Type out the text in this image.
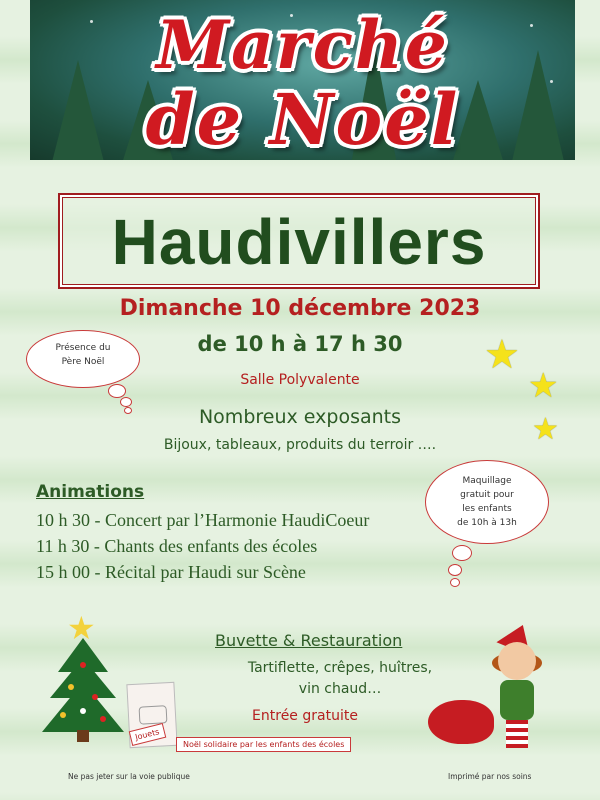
Marché
de Noël
Haudivillers
Dimanche 10 décembre 2023
de 10 h à 17 h 30
Salle Polyvalente
Nombreux exposants
Bijoux, tableaux, produits du terroir ….
Présence du
Père Noël	★
★
★
Maquillage
gratuit pour
les enfants
de 10h à 13h
Animations
10 h 30 - Concert par l’Harmonie HaudiCoeur
11 h 30 - Chants des enfants des écoles
15 h 00 - Récital par Haudi sur Scène
★
Jouets
Noël solidaire par les enfants des écoles
Buvette & Restauration
Tartiflette, crêpes, huîtres,
vin chaud…
Entrée gratuite
Ne pas jeter sur la voie publique	Imprimé par nos soins
